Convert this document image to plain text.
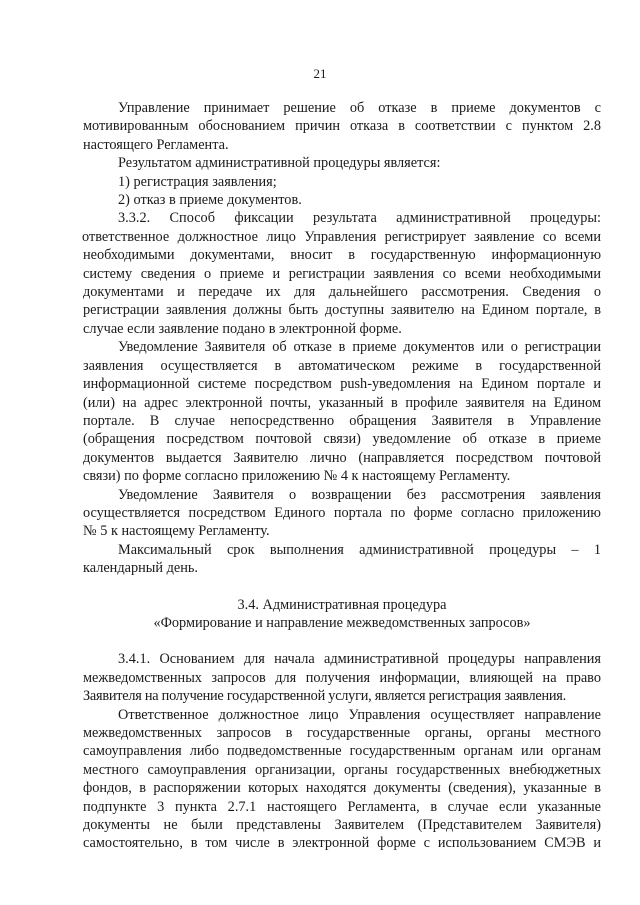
21
Управление принимает решение об отказе в приеме документов с
мотивированным обоснованием причин отказа в соответствии с пунктом 2.8
настоящего Регламента.
Результатом административной процедуры является:
1) регистрация заявления;
2) отказ в приеме документов.
3.3.2. Способ фиксации результата административной процедуры:
ответственное должностное лицо Управления регистрирует заявление со всеми
необходимыми документами, вносит в государственную информационную
систему сведения о приеме и регистрации заявления со всеми необходимыми
документами и передаче их для дальнейшего рассмотрения. Сведения о
регистрации заявления должны быть доступны заявителю на Едином портале, в
случае если заявление подано в электронной форме.
Уведомление Заявителя об отказе в приеме документов или о регистрации
заявления осуществляется в автоматическом режиме в государственной
информационной системе посредством push-уведомления на Едином портале и
(или) на адрес электронной почты, указанный в профиле заявителя на Едином
портале. В случае непосредственно обращения Заявителя в Управление
(обращения посредством почтовой связи) уведомление об отказе в приеме
документов выдается Заявителю лично (направляется посредством почтовой
связи) по форме согласно приложению № 4 к настоящему Регламенту.
Уведомление Заявителя о возвращении без рассмотрения заявления
осуществляется посредством Единого портала по форме согласно приложению
№ 5 к настоящему Регламенту.
Максимальный срок выполнения административной процедуры – 1
календарный день.
3.4. Административная процедура
«Формирование и направление межведомственных запросов»
3.4.1. Основанием для начала административной процедуры направления
межведомственных запросов для получения информации, влияющей на право
Заявителя на получение государственной услуги, является регистрация заявления.
Ответственное должностное лицо Управления осуществляет направление
межведомственных запросов в государственные органы, органы местного
самоуправления либо подведомственные государственным органам или органам
местного самоуправления организации, органы государственных внебюджетных
фондов, в распоряжении которых находятся документы (сведения), указанные в
подпункте 3 пункта 2.7.1 настоящего Регламента, в случае если указанные
документы не были представлены Заявителем (Представителем Заявителя)
самостоятельно, в том числе в электронной форме с использованием СМЭВ и
